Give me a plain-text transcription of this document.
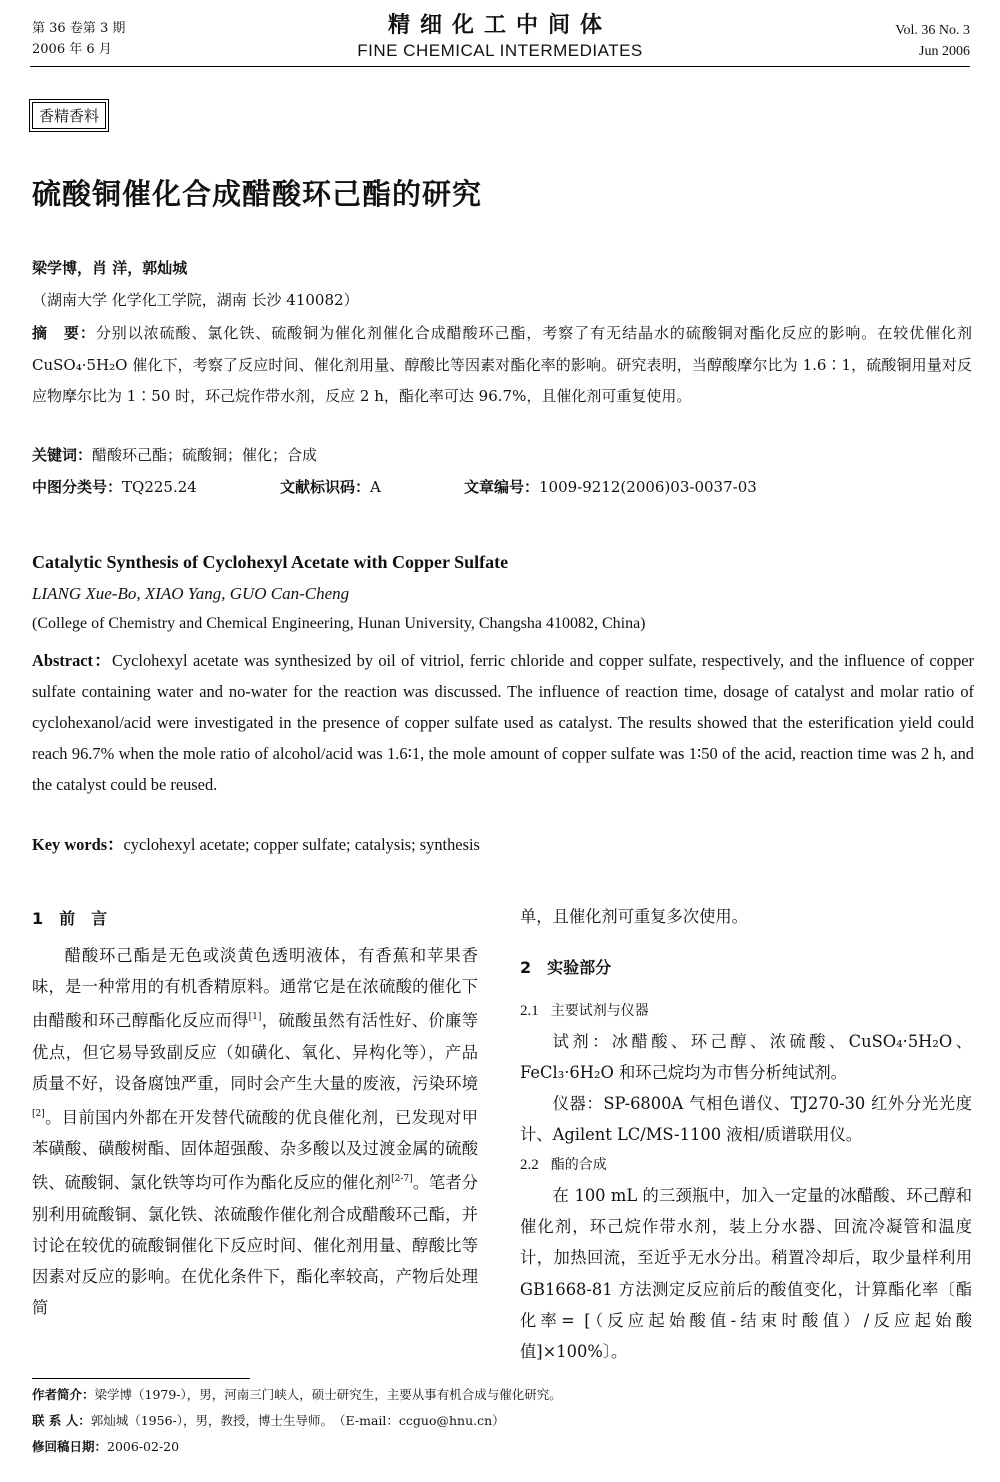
第 36 卷第 3 期
2006 年 6 月
精细化工中间体
FINE CHEMICAL INTERMEDIATES
Vol. 36 No. 3
Jun 2006
香精香料
硫酸铜催化合成醋酸环己酯的研究
梁学博，肖 洋，郭灿城
（湖南大学 化学化工学院，湖南 长沙 410082）
摘　要：分别以浓硫酸、氯化铁、硫酸铜为催化剂催化合成醋酸环己酯，考察了有无结晶水的硫酸铜对酯化反应的影响。在较优催化剂 CuSO₄·5H₂O 催化下，考察了反应时间、催化剂用量、醇酸比等因素对酯化率的影响。研究表明，当醇酸摩尔比为 1.6∶1，硫酸铜用量对反应物摩尔比为 1∶50 时，环己烷作带水剂，反应 2 h，酯化率可达 96.7%，且催化剂可重复使用。
关键词：醋酸环己酯；硫酸铜；催化；合成
中图分类号：TQ225.24	文献标识码：A	文章编号：1009-9212(2006)03-0037-03
Catalytic Synthesis of Cyclohexyl Acetate with Copper Sulfate
LIANG Xue-Bo, XIAO Yang, GUO Can-Cheng
(College of Chemistry and Chemical Engineering, Hunan University, Changsha 410082, China)
Abstract：Cyclohexyl acetate was synthesized by oil of vitriol, ferric chloride and copper sulfate, respectively, and the influence of copper sulfate containing water and no-water for the reaction was discussed. The influence of reaction time, dosage of catalyst and molar ratio of cyclohexanol/acid were investigated in the presence of copper sulfate used as catalyst. The results showed that the esterification yield could reach 96.7% when the mole ratio of alcohol/acid was 1.6∶1, the mole amount of copper sulfate was 1∶50 of the acid, reaction time was 2 h, and the catalyst could be reused.
Key words：cyclohexyl acetate; copper sulfate; catalysis; synthesis
1　前　言
醋酸环己酯是无色或淡黄色透明液体，有香蕉和苹果香味，是一种常用的有机香精原料。通常它是在浓硫酸的催化下由醋酸和环己醇酯化反应而得[1]，硫酸虽然有活性好、价廉等优点，但它易导致副反应（如磺化、氧化、异构化等），产品质量不好，设备腐蚀严重，同时会产生大量的废液，污染环境[2]。目前国内外都在开发替代硫酸的优良催化剂，已发现对甲苯磺酸、磺酸树酯、固体超强酸、杂多酸以及过渡金属的硫酸铁、硫酸铜、氯化铁等均可作为酯化反应的催化剂[2-7]。笔者分别利用硫酸铜、氯化铁、浓硫酸作催化剂合成醋酸环己酯，并讨论在较优的硫酸铜催化下反应时间、催化剂用量、醇酸比等因素对反应的影响。在优化条件下，酯化率较高，产物后处理简
单，且催化剂可重复多次使用。
2　实验部分
2.1 主要试剂与仪器
试剂：冰醋酸、环己醇、浓硫酸、CuSO₄·5H₂O、FeCl₃·6H₂O 和环己烷均为市售分析纯试剂。
仪器：SP-6800A 气相色谱仪、TJ270-30 红外分光光度计、Agilent LC/MS-1100 液相/质谱联用仪。
2.2 酯的合成
在 100 mL 的三颈瓶中，加入一定量的冰醋酸、环己醇和催化剂，环己烷作带水剂，装上分水器、回流冷凝管和温度计，加热回流，至近乎无水分出。稍置冷却后，取少量样利用 GB1668-81 方法测定反应前后的酸值变化，计算酯化率〔酯化率= [（反应起始酸值-结束时酸值）/反应起始酸值]×100%〕。
作者简介：梁学博（1979-），男，河南三门峡人，硕士研究生，主要从事有机合成与催化研究。
联 系 人：郭灿城（1956-），男，教授，博士生导师。　（E-mail：ccguo@hnu.cn）
修回稿日期：2006-02-20
